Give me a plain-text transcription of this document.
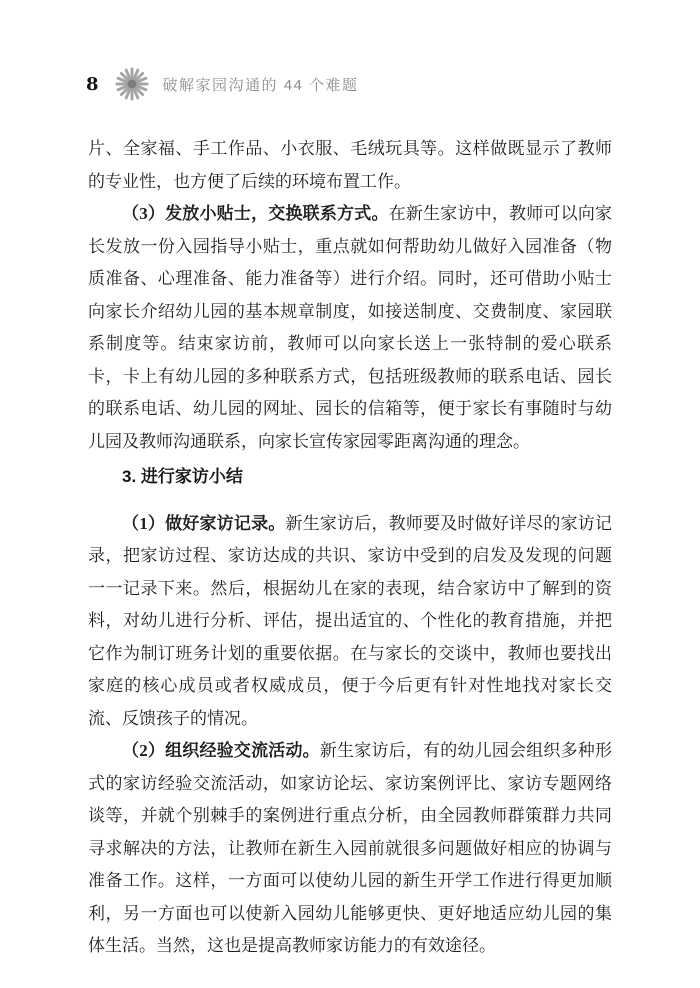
8	破解家园沟通的 44 个难题

片、全家福、手工作品、小衣服、毛绒玩具等。这样做既显示了教师的专业性，也方便了后续的环境布置工作。

（3）发放小贴士，交换联系方式。在新生家访中，教师可以向家长发放一份入园指导小贴士，重点就如何帮助幼儿做好入园准备（物质准备、心理准备、能力准备等）进行介绍。同时，还可借助小贴士向家长介绍幼儿园的基本规章制度，如接送制度、交费制度、家园联系制度等。结束家访前，教师可以向家长送上一张特制的爱心联系卡，卡上有幼儿园的多种联系方式，包括班级教师的联系电话、园长的联系电话、幼儿园的网址、园长的信箱等，便于家长有事随时与幼儿园及教师沟通联系，向家长宣传家园零距离沟通的理念。

3. 进行家访小结

（1）做好家访记录。新生家访后，教师要及时做好详尽的家访记录，把家访过程、家访达成的共识、家访中受到的启发及发现的问题一一记录下来。然后，根据幼儿在家的表现，结合家访中了解到的资料，对幼儿进行分析、评估，提出适宜的、个性化的教育措施，并把它作为制订班务计划的重要依据。在与家长的交谈中，教师也要找出家庭的核心成员或者权威成员，便于今后更有针对性地找对家长交流、反馈孩子的情况。

（2）组织经验交流活动。新生家访后，有的幼儿园会组织多种形式的家访经验交流活动，如家访论坛、家访案例评比、家访专题网络谈等，并就个别棘手的案例进行重点分析，由全园教师群策群力共同寻求解决的方法，让教师在新生入园前就很多问题做好相应的协调与准备工作。这样，一方面可以使幼儿园的新生开学工作进行得更加顺利，另一方面也可以使新入园幼儿能够更快、更好地适应幼儿园的集体生活。当然，这也是提高教师家访能力的有效途径。
